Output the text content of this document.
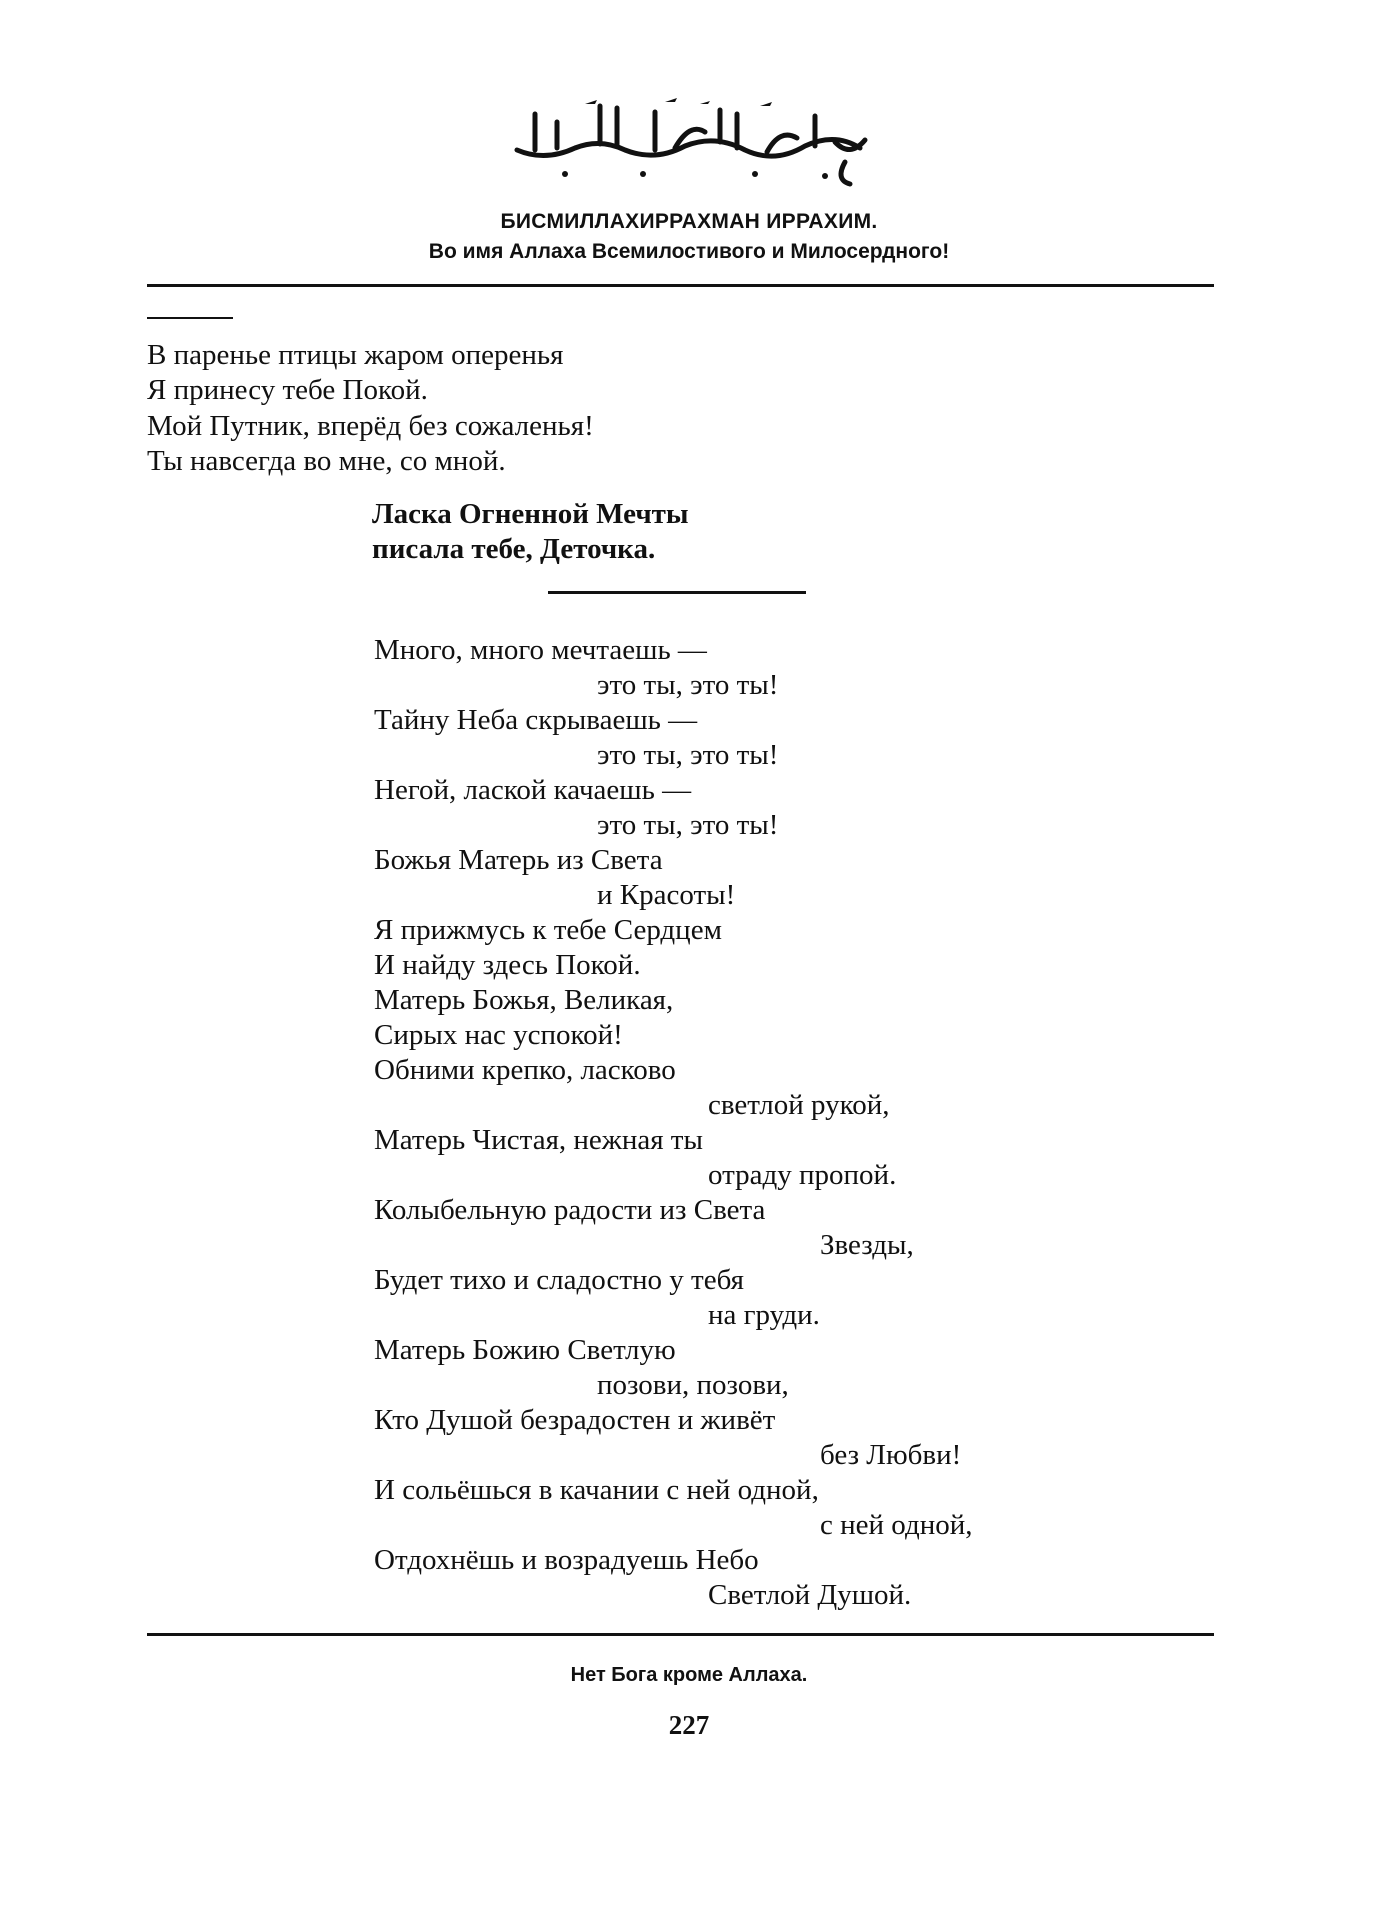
БИСМИЛЛАХИРРАХМАН ИРРАХИМ.
Во имя Аллаха Всемилостивого и Милосердного!
В паренье птицы жаром оперенья
Я принесу тебе Покой.
Мой Путник, вперёд без сожаленья!
Ты навсегда во мне, со мной.
Ласка Огненной Мечты
писала тебе, Деточка.
Много, много мечтаешь —
это ты, это ты!
Тайну Неба скрываешь —
это ты, это ты!
Негой, лаской качаешь —
это ты, это ты!
Божья Матерь из Света
и Красоты!
Я прижмусь к тебе Сердцем
И найду здесь Покой.
Матерь Божья, Великая,
Сирых нас успокой!
Обними крепко, ласково
светлой рукой,
Матерь Чистая, нежная ты
отраду пропой.
Колыбельную радости из Света
Звезды,
Будет тихо и сладостно у тебя
на груди.
Матерь Божию Светлую
позови, позови,
Кто Душой безрадостен и живёт
без Любви!
И сольёшься в качании с ней одной,
с ней одной,
Отдохнёшь и возрадуешь Небо
Светлой Душой.
Нет Бога кроме Аллаха.
227
